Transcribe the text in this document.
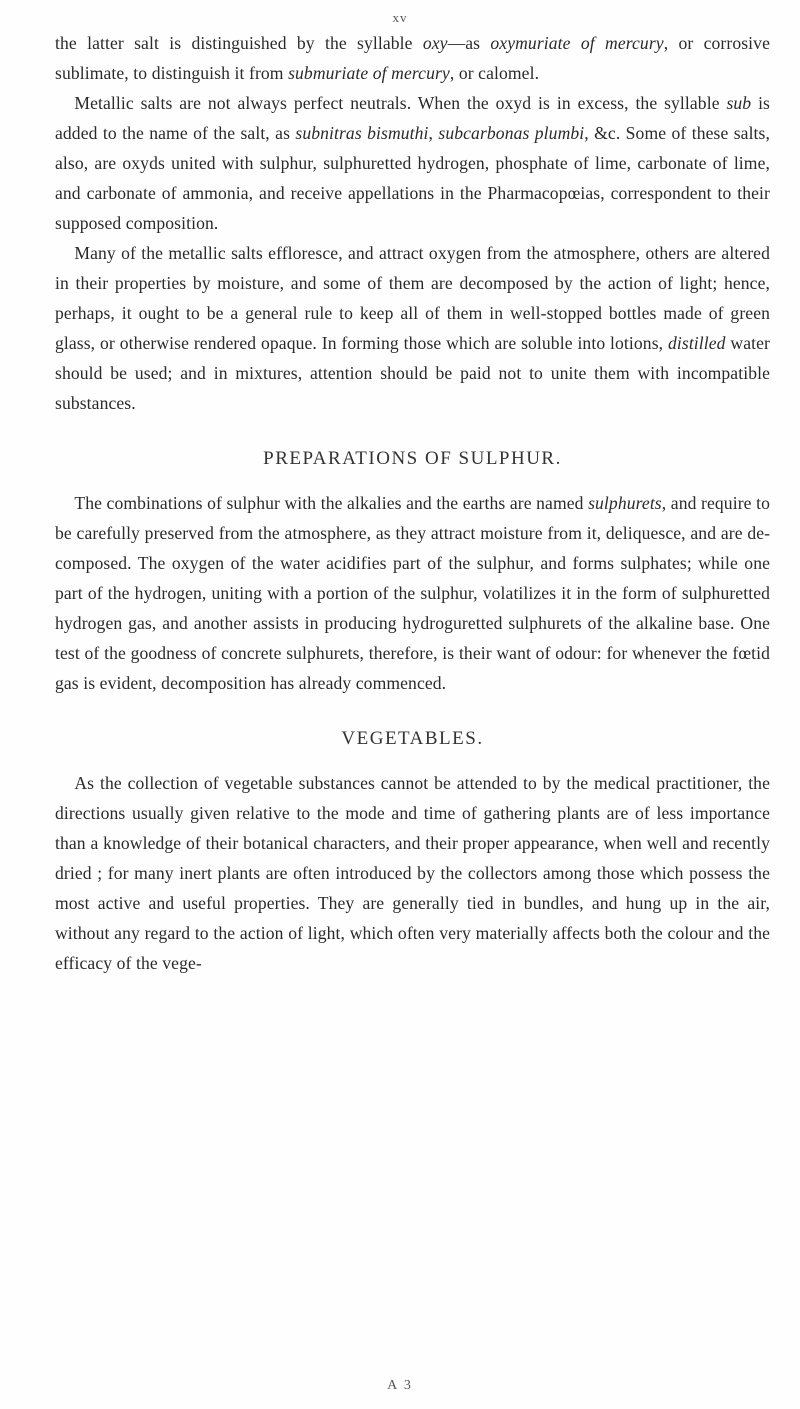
xv

the latter salt is distinguished by the syllable oxy—as oxymuriate of mercury, or corrosive sublimate, to distinguish it from submuriate of mercury, or calomel.

Metallic salts are not always perfect neutrals. When the oxyd is in excess, the syllable sub is added to the name of the salt, as subnitras bismuthi, subcarbonas plumbi, &c. Some of these salts, also, are oxyds united with sulphur, sulphuretted hydrogen, phosphate of lime, carbonate of lime, and carbonate of ammonia, and receive appellations in the Pharmacopœias, correspondent to their supposed composition.

Many of the metallic salts effloresce, and attract oxygen from the atmosphere, others are altered in their properties by moisture, and some of them are decomposed by the action of light; hence, perhaps, it ought to be a general rule to keep all of them in well-stopped bottles made of green glass, or otherwise rendered opaque. In forming those which are soluble into lotions, distilled water should be used; and in mixtures, attention should be paid not to unite them with incompatible substances.

PREPARATIONS OF SULPHUR.

The combinations of sulphur with the alkalies and the earths are named sulphurets, and require to be carefully preserved from the atmosphere, as they attract moisture from it, deliquesce, and are decomposed. The oxygen of the water acidifies part of the sulphur, and forms sulphates; while one part of the hydrogen, uniting with a portion of the sulphur, volatilizes it in the form of sulphuretted hydrogen gas, and another assists in producing hydroguretted sulphurets of the alkaline base. One test of the goodness of concrete sulphurets, therefore, is their want of odour: for whenever the fœtid gas is evident, decomposition has already commenced.

VEGETABLES.

As the collection of vegetable substances cannot be attended to by the medical practitioner, the directions usually given relative to the mode and time of gathering plants are of less importance than a knowledge of their botanical characters, and their proper appearance, when well and recently dried ; for many inert plants are often introduced by the collectors among those which possess the most active and useful properties. They are generally tied in bundles, and hung up in the air, without any regard to the action of light, which often very materially affects both the colour and the efficacy of the vege-

A 3
